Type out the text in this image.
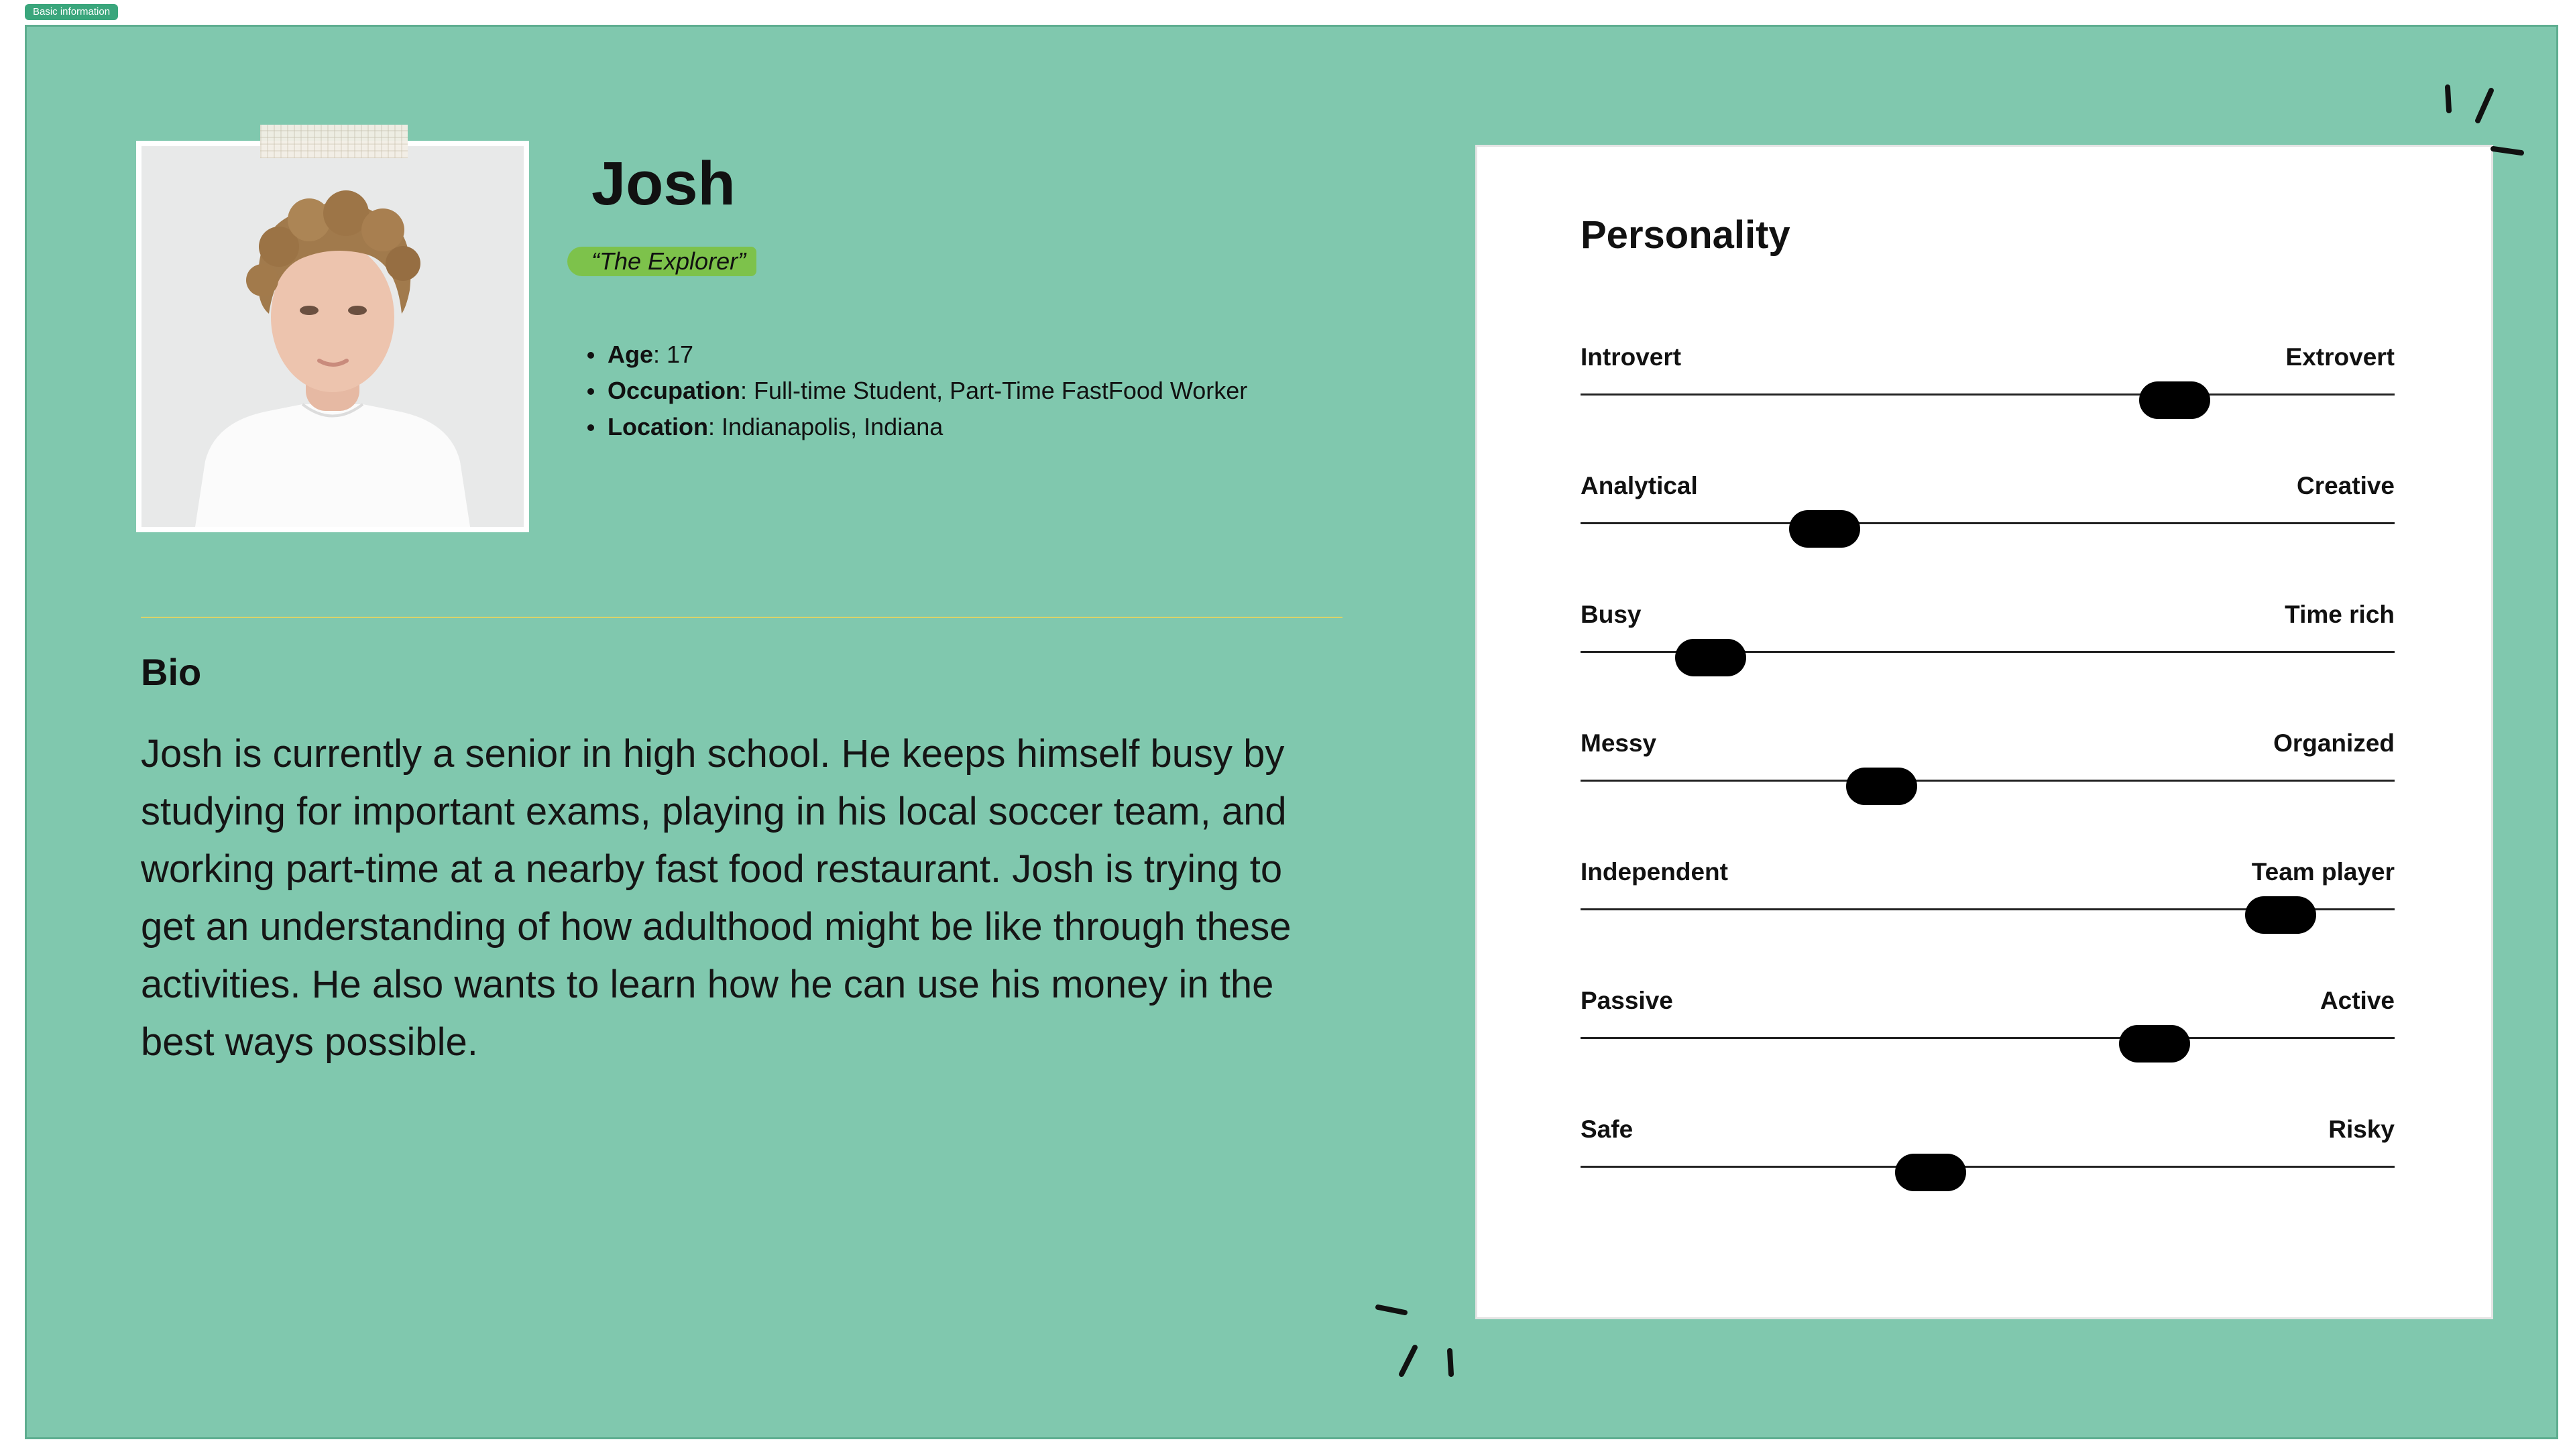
Basic information
Josh
“The Explorer”
Age: 17
Occupation: Full-time Student, Part-Time FastFood Worker
Location: Indianapolis, Indiana
Bio

Josh is currently a senior in high school. He keeps himself busy by studying for important exams, playing in his local soccer team, and working part-time at a nearby fast food restaurant. Josh is trying to get an understanding of how adulthood might be like through these activities. He also wants to learn how he can use his money in the best ways possible.

Personality
Introvert	Extrovert
Analytical	Creative
Busy	Time rich
Messy	Organized
Independent	Team player
Passive	Active
Safe	Risky
